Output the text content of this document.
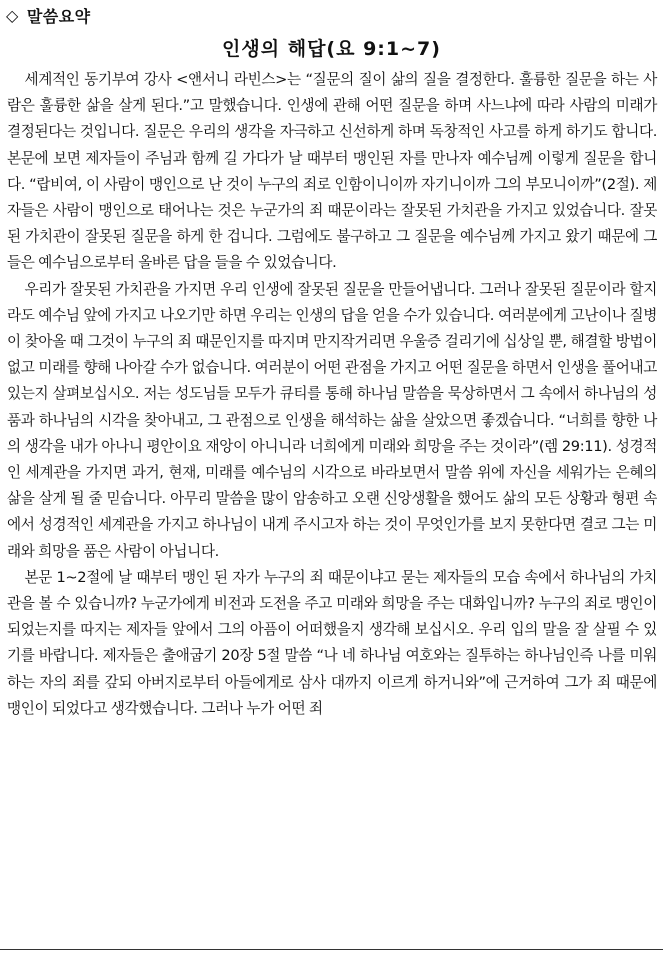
◇ 말씀요약
인생의 해답(요 9:1~7)

세계적인 동기부여 강사 <앤서니 라빈스>는 “질문의 질이 삶의 질을 결정한다. 훌륭한 질문을 하는 사람은 훌륭한 삶을 살게 된다.”고 말했습니다. 인생에 관해 어떤 질문을 하며 사느냐에 따라 사람의 미래가 결정된다는 것입니다. 질문은 우리의 생각을 자극하고 신선하게 하며 독창적인 사고를 하게 하기도 합니다. 본문에 보면 제자들이 주님과 함께 길 가다가 날 때부터 맹인된 자를 만나자 예수님께 이렇게 질문을 합니다. “랍비여, 이 사람이 맹인으로 난 것이 누구의 죄로 인함이니이까 자기니이까 그의 부모니이까”(2절). 제자들은 사람이 맹인으로 태어나는 것은 누군가의 죄 때문이라는 잘못된 가치관을 가지고 있었습니다. 잘못된 가치관이 잘못된 질문을 하게 한 겁니다. 그럼에도 불구하고 그 질문을 예수님께 가지고 왔기 때문에 그들은 예수님으로부터 올바른 답을 들을 수 있었습니다.

우리가 잘못된 가치관을 가지면 우리 인생에 잘못된 질문을 만들어냅니다. 그러나 잘못된 질문이라 할지라도 예수님 앞에 가지고 나오기만 하면 우리는 인생의 답을 얻을 수가 있습니다. 여러분에게 고난이나 질병이 찾아올 때 그것이 누구의 죄 때문인지를 따지며 만지작거리면 우울증 걸리기에 십상일 뿐, 해결할 방법이 없고 미래를 향해 나아갈 수가 없습니다. 여러분이 어떤 관점을 가지고 어떤 질문을 하면서 인생을 풀어내고 있는지 살펴보십시오. 저는 성도님들 모두가 큐티를 통해 하나님 말씀을 묵상하면서 그 속에서 하나님의 성품과 하나님의 시각을 찾아내고, 그 관점으로 인생을 해석하는 삶을 살았으면 좋겠습니다. “너희를 향한 나의 생각을 내가 아나니 평안이요 재앙이 아니니라 너희에게 미래와 희망을 주는 것이라”(렘 29:11). 성경적인 세계관을 가지면 과거, 현재, 미래를 예수님의 시각으로 바라보면서 말씀 위에 자신을 세워가는 은혜의 삶을 살게 될 줄 믿습니다. 아무리 말씀을 많이 암송하고 오랜 신앙생활을 했어도 삶의 모든 상황과 형편 속에서 성경적인 세계관을 가지고 하나님이 내게 주시고자 하는 것이 무엇인가를 보지 못한다면 결코 그는 미래와 희망을 품은 사람이 아닙니다.

본문 1~2절에 날 때부터 맹인 된 자가 누구의 죄 때문이냐고 묻는 제자들의 모습 속에서 하나님의 가치관을 볼 수 있습니까? 누군가에게 비전과 도전을 주고 미래와 희망을 주는 대화입니까? 누구의 죄로 맹인이 되었는지를 따지는 제자들 앞에서 그의 아픔이 어떠했을지 생각해 보십시오. 우리 입의 말을 잘 살필 수 있기를 바랍니다. 제자들은 출애굽기 20장 5절 말씀 “나 네 하나님 여호와는 질투하는 하나님인즉 나를 미워하는 자의 죄를 갚되 아버지로부터 아들에게로 삼사 대까지 이르게 하거니와”에 근거하여 그가 죄 때문에 맹인이 되었다고 생각했습니다. 그러나 누가 어떤 죄
